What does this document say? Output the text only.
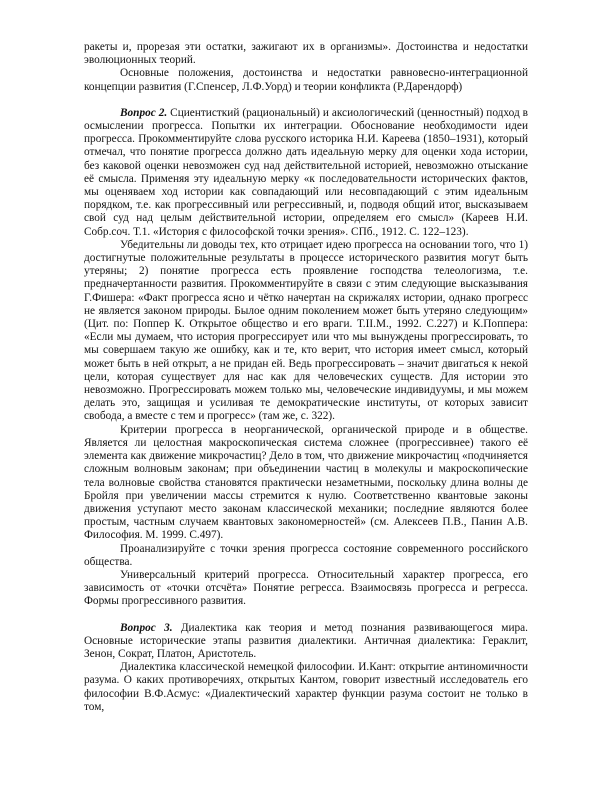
ракеты и, прорезая эти остатки, зажигают их в организмы». Достоинства и недостатки эволюционных теорий.

Основные положения, достоинства и недостатки равновесно-интеграционной концепции развития (Г.Спенсер, Л.Ф.Уорд) и теории конфликта (Р.Дарендорф)

Вопрос 2. Сциентисткий (рациональный) и аксиологический (ценностный) подход в осмыслении прогресса. Попытки их интеграции. Обоснование необходимости идеи прогресса. Прокомментируйте слова русского историка Н.И. Кареева (1850–1931), который отмечал, что понятие прогресса должно дать идеальную мерку для оценки хода истории, без каковой оценки невозможен суд над действительной историей, невозможно отыскание её смысла. Применяя эту идеальную мерку «к последовательности исторических фактов, мы оценяваем ход истории как совпадающий или несовпадающий с этим идеальным порядком, т.е. как прогрессивный или регрессивный, и, подводя общий итог, высказываем свой суд над целым действительной истории, определяем его смысл» (Кареев Н.И. Собр.соч. Т.1. «История с философской точки зрения». СПб., 1912. С. 122–123).

Убедительны ли доводы тех, кто отрицает идею прогресса на основании того, что 1) достигнутые положительные результаты в процессе исторического развития могут быть утеряны; 2) понятие прогресса есть проявление господства телеологизма, т.е. предначертанности развития. Прокомментируйте в связи с этим следующие высказывания Г.Фишера: «Факт прогресса ясно и чётко начертан на скрижалях истории, однако прогресс не является законом природы. Былое одним поколением может быть утеряно следующим» (Цит. по: Поппер К. Открытое общество и его враги. Т.II.М., 1992. С.227) и К.Поппера: «Если мы думаем, что история прогрессирует или что мы вынуждены прогрессировать, то мы совершаем такую же ошибку, как и те, кто верит, что история имеет смысл, который может быть в ней открыт, а не придан ей. Ведь прогрессировать – значит двигаться к некой цели, которая существует для нас как для человеческих существ. Для истории это невозможно. Прогрессировать можем только мы, человеческие индивидуумы, и мы можем делать это, защищая и усиливая те демократические институты, от которых зависит свобода, а вместе с тем и прогресс» (там же, с. 322).

Критерии прогресса в неорганической, органической природе и в обществе. Является ли целостная макроскопическая система сложнее (прогрессивнее) такого её элемента как движение микрочастиц? Дело в том, что движение микрочастиц «подчиняется сложным волновым законам; при объединении частиц в молекулы и макроскопические тела волновые свойства становятся практически незаметными, поскольку длина волны де Бройля при увеличении массы стремится к нулю. Соответственно квантовые законы движения уступают место законам классической механики; последние являются более простым, частным случаем квантовых закономерностей» (см. Алексеев П.В., Панин А.В. Философия. М. 1999. С.497).

Проанализируйте с точки зрения прогресса состояние современного российского общества.

Универсальный критерий прогресса. Относительный характер прогресса, его зависимость от «точки отсчёта» Понятие регресса. Взаимосвязь прогресса и регресса. Формы прогрессивного развития.

Вопрос 3. Диалектика как теория и метод познания развивающегося мира. Основные исторические этапы развития диалектики. Античная диалектика: Гераклит, Зенон, Сократ, Платон, Аристотель.

Диалектика классической немецкой философии. И.Кант: открытие антиномичности разума. О каких противоречиях, открытых Кантом, говорит известный исследователь его философии В.Ф.Асмус: «Диалектический характер функции разума состоит не только в том,
